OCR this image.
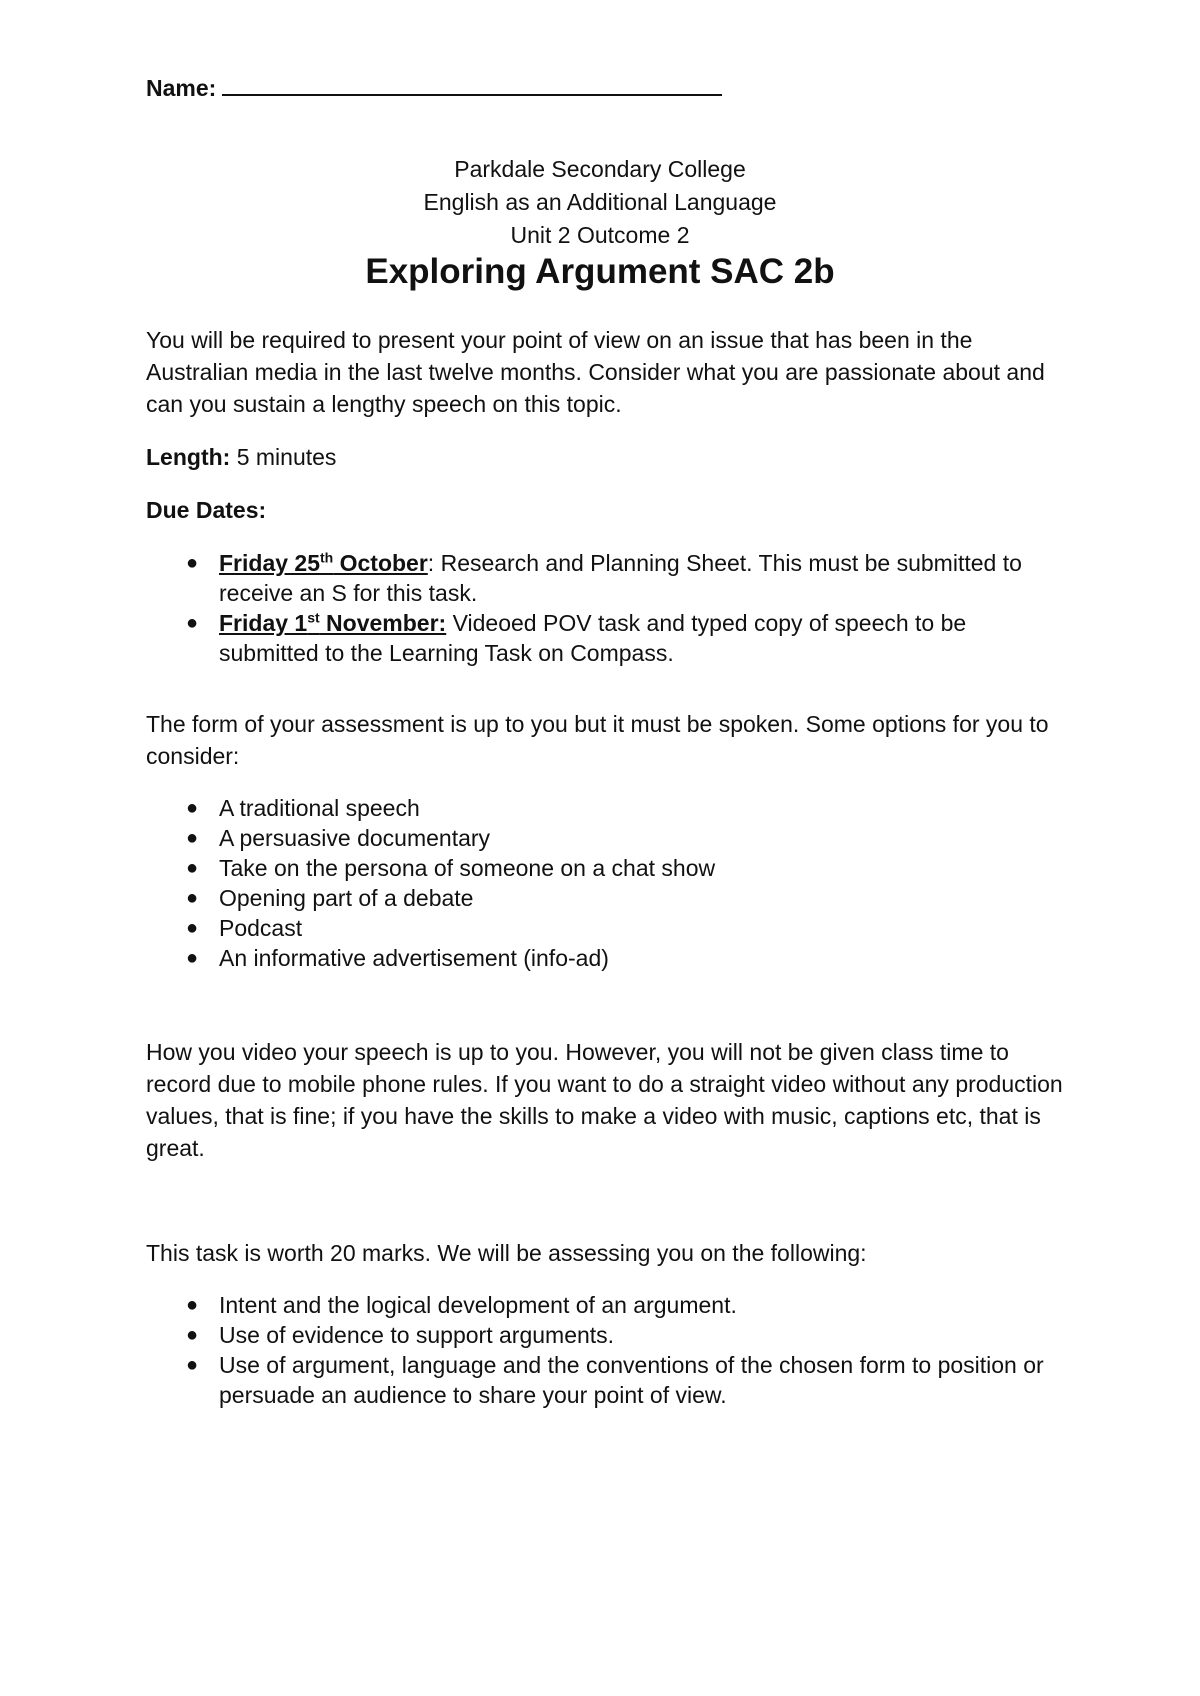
Name:
Parkdale Secondary College
English as an Additional Language
Unit 2 Outcome 2
Exploring Argument SAC 2b
You will be required to present your point of view on an issue that has been in the Australian media in the last twelve months. Consider what you are passionate about and can you sustain a lengthy speech on this topic.
Length: 5 minutes
Due Dates:
● Friday 25th October: Research and Planning Sheet. This must be submitted to receive an S for this task.
● Friday 1st November: Videoed POV task and typed copy of speech to be submitted to the Learning Task on Compass.
The form of your assessment is up to you but it must be spoken. Some options for you to consider:
● A traditional speech
● A persuasive documentary
● Take on the persona of someone on a chat show
● Opening part of a debate
● Podcast
● An informative advertisement (info-ad)
How you video your speech is up to you. However, you will not be given class time to record due to mobile phone rules. If you want to do a straight video without any production values, that is fine; if you have the skills to make a video with music, captions etc, that is great.
This task is worth 20 marks. We will be assessing you on the following:
● Intent and the logical development of an argument.
● Use of evidence to support arguments.
● Use of argument, language and the conventions of the chosen form to position or persuade an audience to share your point of view.
